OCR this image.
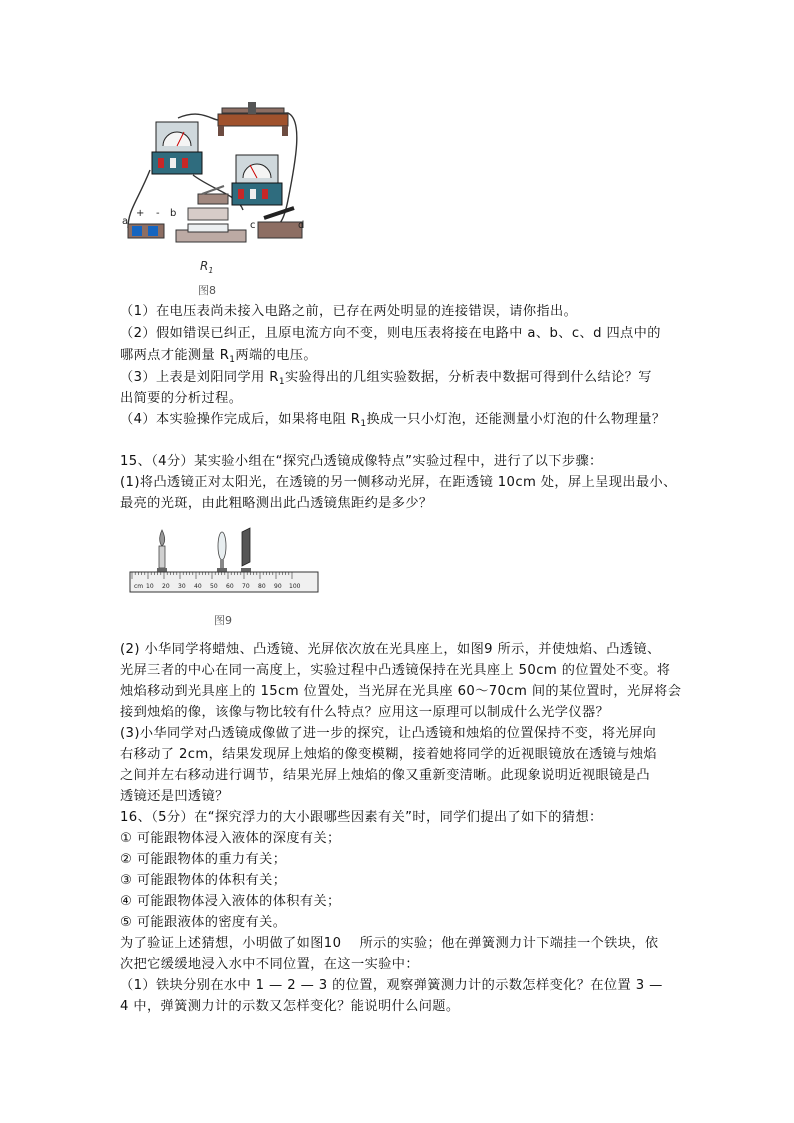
a
+ - b
c	d
$R_1$
图8
（1）在电压表尚未接入电路之前，已存在两处明显的连接错误，请你指出。
（2）假如错误已纠正，且原电流方向不变，则电压表将接在电路中 a、b、c、d 四点中的
哪两点才能测量 $R_1$两端的电压。
（3）上表是刘阳同学用 $R_1$实验得出的几组实验数据，分析表中数据可得到什么结论？写
出简要的分析过程。
（4）本实验操作完成后，如果将电阻 $R_1$换成一只小灯泡，还能测量小灯泡的什么物理量？
15、（4分）某实验小组在“探究凸透镜成像特点”实验过程中，进行了以下步骤：
(1)将凸透镜正对太阳光，在透镜的另一侧移动光屏，在距透镜 10cm 处，屏上呈现出最小、
最亮的光斑，由此粗略测出此凸透镜焦距约是多少？
cm 10 20 30 40 50 60 70 80 90 100
图9
(2) 小华同学将蜡烛、凸透镜、光屏依次放在光具座上，如图9 所示，并使烛焰、凸透镜、
光屏三者的中心在同一高度上，实验过程中凸透镜保持在光具座上 50cm 的位置处不变。将
烛焰移动到光具座上的 15cm 位置处，当光屏在光具座 60～70cm 间的某位置时，光屏将会
接到烛焰的像，该像与物比较有什么特点？应用这一原理可以制成什么光学仪器？
(3)小华同学对凸透镜成像做了进一步的探究，让凸透镜和烛焰的位置保持不变，将光屏向
右移动了 2cm，结果发现屏上烛焰的像变模糊，接着她将同学的近视眼镜放在透镜与烛焰
之间并左右移动进行调节，结果光屏上烛焰的像又重新变清晰。此现象说明近视眼镜是凸
透镜还是凹透镜？
16、（5分）在“探究浮力的大小跟哪些因素有关”时，同学们提出了如下的猜想：
① 可能跟物体浸入液体的深度有关；
② 可能跟物体的重力有关；
③ 可能跟物体的体积有关；
④ 可能跟物体浸入液体的体积有关；
⑤ 可能跟液体的密度有关。
为了验证上述猜想，小明做了如图10　 所示的实验；他在弹簧测力计下端挂一个铁块，依
次把它缓缓地浸入水中不同位置，在这一实验中：
（1）铁块分别在水中 1 — 2 — 3 的位置，观察弹簧测力计的示数怎样变化？在位置 3 —
4 中，弹簧测力计的示数又怎样变化？能说明什么问题。
